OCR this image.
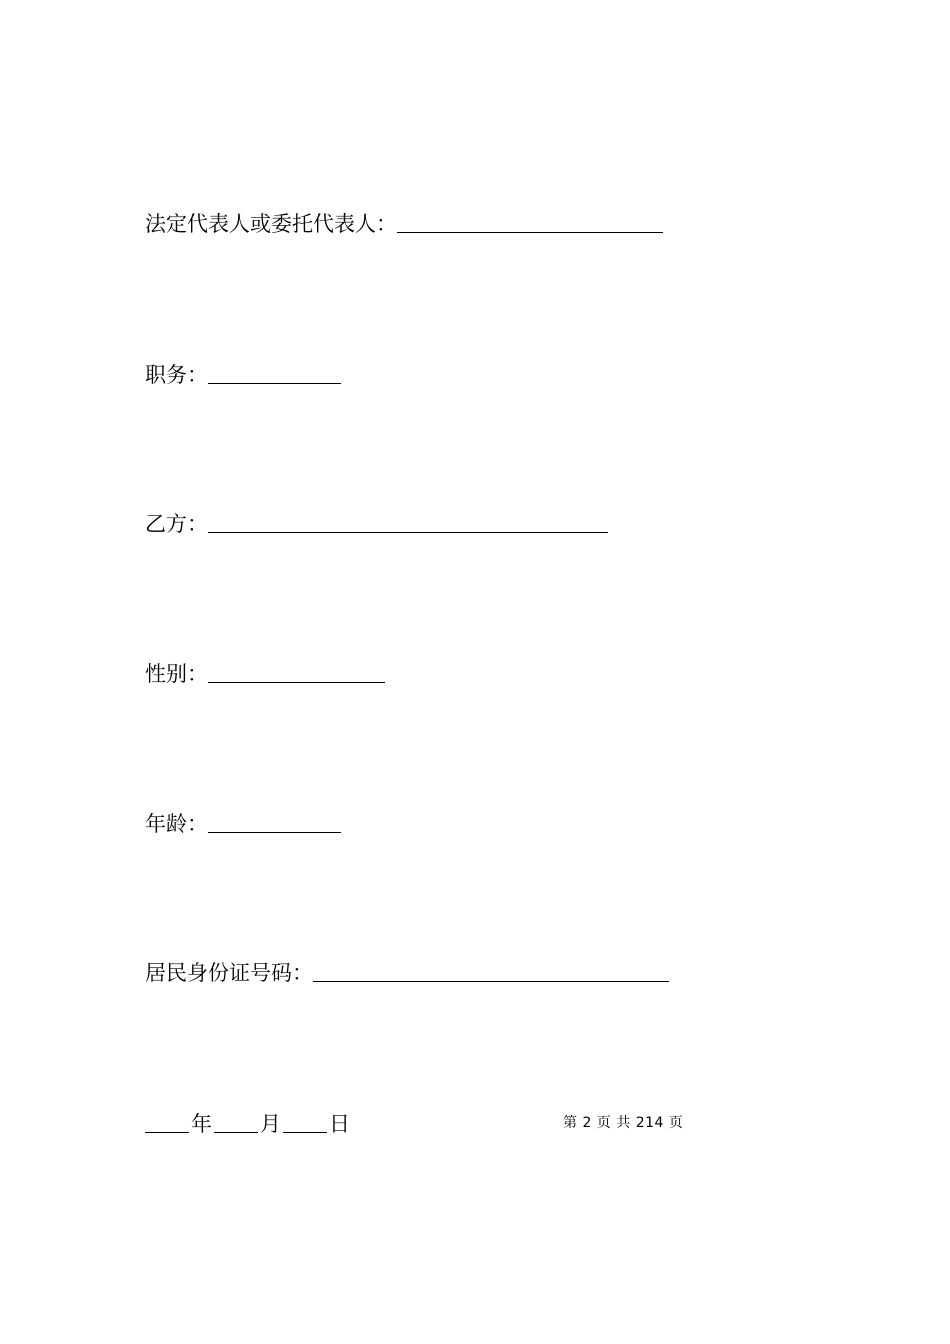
法定代表人或委托代表人：
职务：
乙方：
性别：
年龄：
居民身份证号码：
年 月 日	第 2 页 共 214 页
